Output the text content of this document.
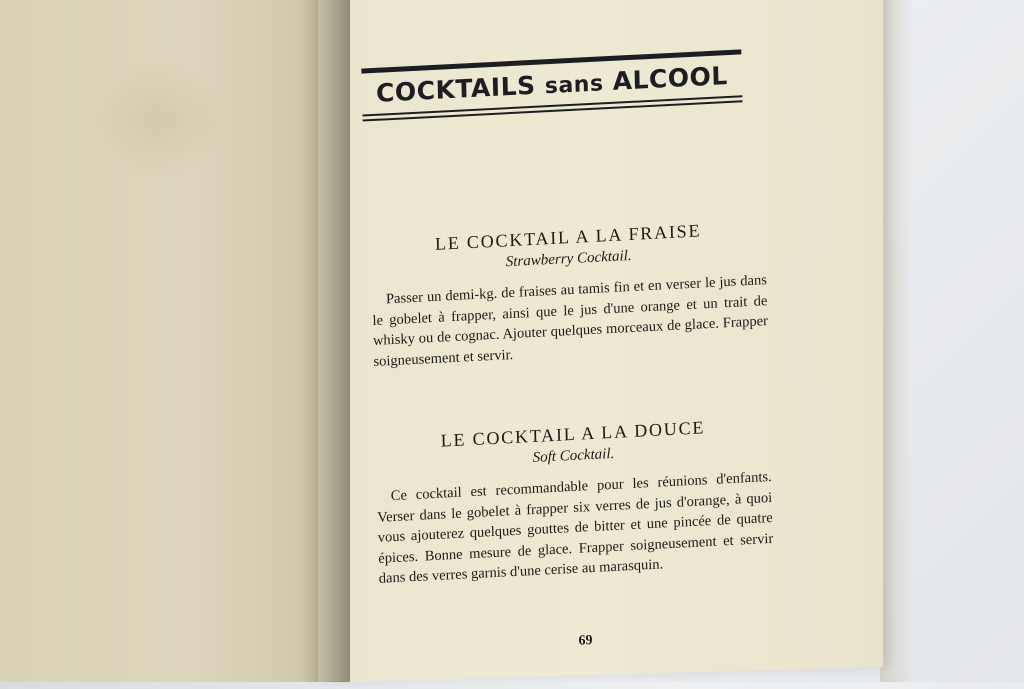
COCKTAILS sans ALCOOL

LE COCKTAIL A LA FRAISE

Strawberry Cocktail.

Passer un demi-kg. de fraises au tamis fin et en verser le jus dans le gobelet à frapper, ainsi que le jus d'une orange et un trait de whisky ou de cognac. Ajouter quelques morceaux de glace. Frapper soigneusement et servir.

LE COCKTAIL A LA DOUCE

Soft Cocktail.

Ce cocktail est recommandable pour les réunions d'enfants. Verser dans le gobelet à frapper six verres de jus d'orange, à quoi vous ajouterez quelques gouttes de bitter et une pincée de quatre épices. Bonne mesure de glace. Frapper soigneusement et servir dans des verres garnis d'une cerise au marasquin.

69
